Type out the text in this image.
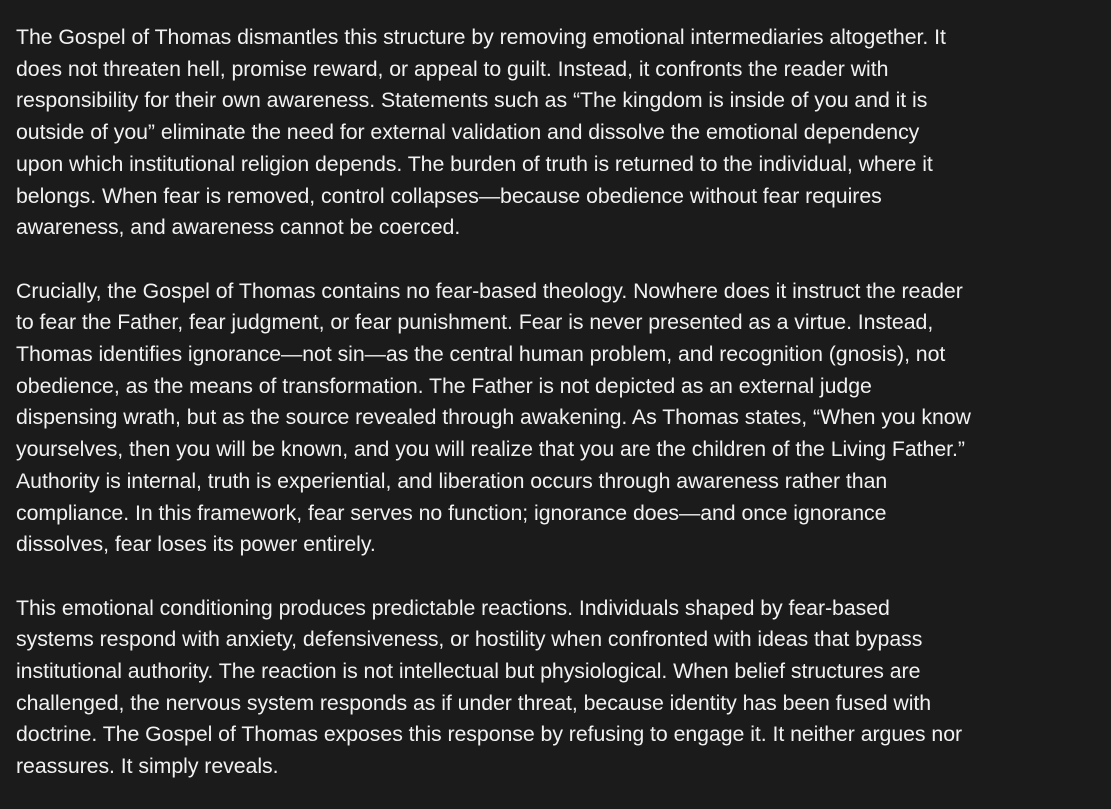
The Gospel of Thomas dismantles this structure by removing emotional intermediaries altogether. It
does not threaten hell, promise reward, or appeal to guilt. Instead, it confronts the reader with
responsibility for their own awareness. Statements such as “The kingdom is inside of you and it is
outside of you” eliminate the need for external validation and dissolve the emotional dependency
upon which institutional religion depends. The burden of truth is returned to the individual, where it
belongs. When fear is removed, control collapses—because obedience without fear requires
awareness, and awareness cannot be coerced.

Crucially, the Gospel of Thomas contains no fear-based theology. Nowhere does it instruct the reader
to fear the Father, fear judgment, or fear punishment. Fear is never presented as a virtue. Instead,
Thomas identifies ignorance—not sin—as the central human problem, and recognition (gnosis), not
obedience, as the means of transformation. The Father is not depicted as an external judge
dispensing wrath, but as the source revealed through awakening. As Thomas states, “When you know
yourselves, then you will be known, and you will realize that you are the children of the Living Father.”
Authority is internal, truth is experiential, and liberation occurs through awareness rather than
compliance. In this framework, fear serves no function; ignorance does—and once ignorance
dissolves, fear loses its power entirely.

This emotional conditioning produces predictable reactions. Individuals shaped by fear-based
systems respond with anxiety, defensiveness, or hostility when confronted with ideas that bypass
institutional authority. The reaction is not intellectual but physiological. When belief structures are
challenged, the nervous system responds as if under threat, because identity has been fused with
doctrine. The Gospel of Thomas exposes this response by refusing to engage it. It neither argues nor
reassures. It simply reveals.
